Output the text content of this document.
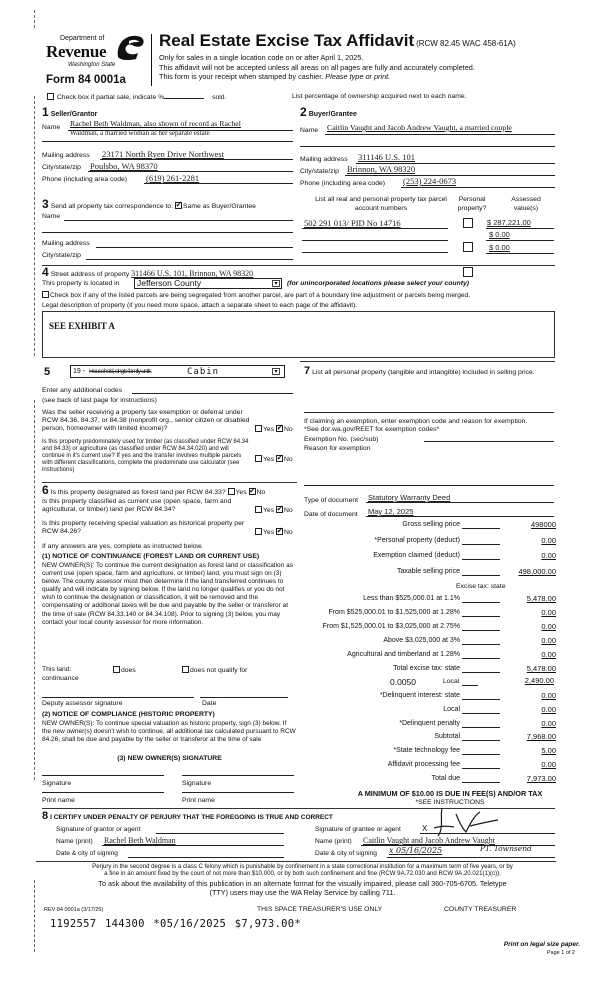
Department of
Revenue
Washington State
Form 84 0001a
Real Estate Excise Tax Affidavit (RCW 82.45 WAC 458-61A)
Only for sales in a single location code on or after April 1, 2025.
This affidavit will not be accepted unless all areas on all pages are fully and accurately completed.
This form is your receipt when stamped by cashier. Please type or print.
Check box if partial sale, indicate %	sold.	List percentage of ownership acquired next to each name.
1 Seller/Grantor
Name Rachel Beth Waldman, also shown of record as Rachel
Waldman, a married woman as her separate estate
Mailing address 23171 North Ryen Drive Northwest
City/state/zip Poulsbo, WA 98370
Phone (including area code) (619) 261-2281
2 Buyer/Grantee
Name Caitlin Vaught and Jacob Andrew Vaught, a married couple
Mailing address 311146 U.S. 101
City/state/zip Brinnon, WA 98320
Phone (including area code) (253) 224-0673
3 Send all property tax correspondence to: ✓ Same as Buyer/Grantee
Name
Mailing address
City/state/zip
List all real and personal property tax parcel account numbers
Personal property?
Assessed value(s)
502 291 013/ PID No 14716	$ 287,221.00
$ 0.00
$ 0.00
4 Street address of property 311466 U.S. 101, Brinnon, WA 98320
This property is located in Jefferson County	▾	(for unincorporated locations please select your county)
Check box if any of the listed parcels are being segregated from another parcel, are part of a boundary line adjustment or parcels being merged.
Legal description of property (if you need more space, attach a separate sheet to each page of the affidavit).
SEE EXHIBIT A
5	19 - Household, single family units	Cabin	▾
Enter any additional codes
(see back of last page for instructions)
Was the seller receiving a property tax exemption or deferral under RCW 84.36, 84.37, or 84.38 (nonprofit org., senior citizen or disabled person, homeowner with limited income)?	Yes ✓ No
Is this property predominately used for timber (as classified under RCW 84.34 and 84.33) or agriculture (as classified under RCW 84.34.020) and will continue in it's current use? If yes and the transfer involves multiple parcels with different classifications, complete the predominate use calculator (see instructions)
Yes ✓ No
6 Is this property designated as forest land per RCW 84.33? Yes ✓ No
Is this property classified as current use (open space, farm and agricultural, or timber) land per RCW 84.34?	Yes ✓ No
Is this property receiving special valuation as historical property per RCW 84.26?	Yes ✓ No
If any answers are yes, complete as instructed below.
(1) NOTICE OF CONTINUANCE (FOREST LAND OR CURRENT USE)
NEW OWNER(S): To continue the current designation as forest land or classification as current use (open space, farm and agriculture, or timber) land, you must sign on (3) below. The county assessor must then determine if the land transferred continues to qualify and will indicate by signing below. If the land no longer qualifies or you do not wish to continue the designation or classification, it will be removed and the compensating or additional taxes will be due and payable by the seller or transferor at the time of sale (RCW 84.33.140 or 84.34.108). Prior to signing (3) below, you may contact your local county assessor for more information.
This land:
continuance
does	does not qualify for
Deputy assessor signature	Date
(2) NOTICE OF COMPLIANCE (HISTORIC PROPERTY)
NEW OWNER(S): To continue special valuation as historic property, sign (3) below. If the new owner(s) doesn't wish to continue, all additional tax calculated pursuant to RCW 84.26, shall be due and payable by the seller or transferor at the time of sale
(3) NEW OWNER(S) SIGNATURE
Signature	Signature
Print name	Print name
7 List all personal property (tangible and intangible) included in selling price.
If claiming an exemption, enter exemption code and reason for exemption. *See dor.wa.gov/REET for exemption codes*
Exemption No. (sec/sub)
Reason for exemption
Type of document Statutory Warranty Deed
Date of document May 12, 2025
Excise tax: state
0.0050	Local	2,490.00
A MINIMUM OF $10.00 IS DUE IN FEE(S) AND/OR TAX
*SEE INSTRUCTIONS
8 I CERTIFY UNDER PENALTY OF PERJURY THAT THE FOREGOING IS TRUE AND CORRECT
Signature of grantor or agent
Name (print) Rachel Beth Waldman
Date & city of signing
Signature of grantee or agent	X
Name (print) Caitlin Vaught and Jacob Andrew Vaught
Date & city of signing x 05/16/2025	PT. Townsend
Perjury in the second degree is a class C felony which is punishable by confinement in a state correctional institution for a maximum term of five years, or by
a fine in an amount fixed by the court of not more than $10,000, or by both such confinement and fine (RCW 9A.72.030 and RCW 9A.20.021(1)(c)).
To ask about the availability of this publication in an alternate format for the visually impaired, please call 360-705-6705. Teletype
(TTY) users may use the WA Relay Service by calling 711.
REV 84 0001a (3/17/25)	THIS SPACE TREASURER'S USE ONLY	COUNTY TREASURER
1192557 144300 *05/16/2025 $7,973.00*
Print on legal size paper.
Page 1 of 2
Gross selling price	498000
*Personal property (deduct)	0.00
Exemption claimed (deduct)	0.00
Taxable selling price	498,000.00
Less than $525,000.01 at 1.1%	5,478.00
From $525,000.01 to $1,525,000 at 1.28%	0.00
From $1,525,000.01 to $3,025,000 at 2.75%	0.00
Above $3,025,000 at 3%	0.00
Agricultural and timberland at 1.28%	0.00
Total excise tax: state	5,478.00
*Delinquent interest: state	0.00
Local	0.00
*Delinquent penalty	0.00
Subtotal	7,968.00
*State technology fee	5.00
Affidavit processing fee	0.00
Total due	7,973.00
